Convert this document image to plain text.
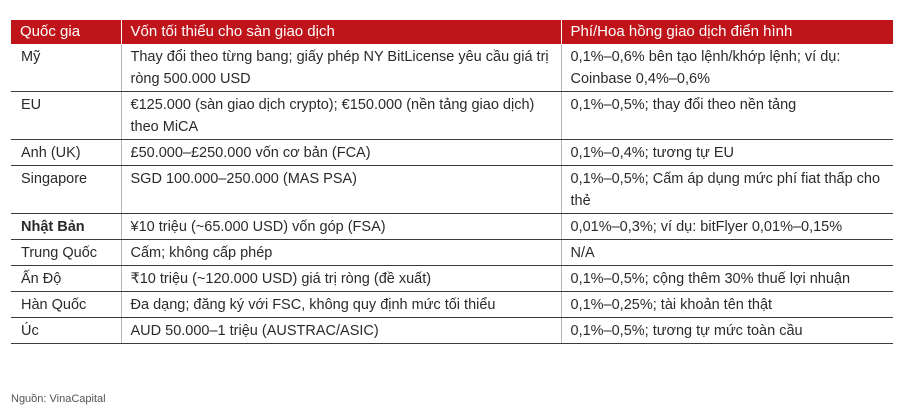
Quốc gia	Vốn tối thiểu cho sàn giao dịch	Phí/Hoa hồng giao dịch điển hình
Mỹ	Thay đổi theo từng bang; giấy phép NY BitLicense yêu cầu giá trị ròng 500.000 USD	0,1%–0,6% bên tạo lệnh/khớp lệnh; ví dụ: Coinbase 0,4%–0,6%
EU	€125.000 (sàn giao dịch crypto); €150.000 (nền tảng giao dịch) theo MiCA	0,1%–0,5%; thay đổi theo nền tảng
Anh (UK)	£50.000–£250.000 vốn cơ bản (FCA)	0,1%–0,4%; tương tự EU
Singapore	SGD 100.000–250.000 (MAS PSA)	0,1%–0,5%; Cấm áp dụng mức phí fiat thấp cho thẻ
Nhật Bản	¥10 triệu (~65.000 USD) vốn góp (FSA)	0,01%–0,3%; ví dụ: bitFlyer 0,01%–0,15%
Trung Quốc	Cấm; không cấp phép	N/A
Ấn Độ	₹10 triệu (~120.000 USD) giá trị ròng (đề xuất)	0,1%–0,5%; cộng thêm 30% thuế lợi nhuận
Hàn Quốc	Đa dạng; đăng ký với FSC, không quy định mức tối thiểu	0,1%–0,25%; tài khoản tên thật
Úc	AUD 50.000–1 triệu (AUSTRAC/ASIC)	0,1%–0,5%; tương tự mức toàn cầu
Nguồn: VinaCapital
